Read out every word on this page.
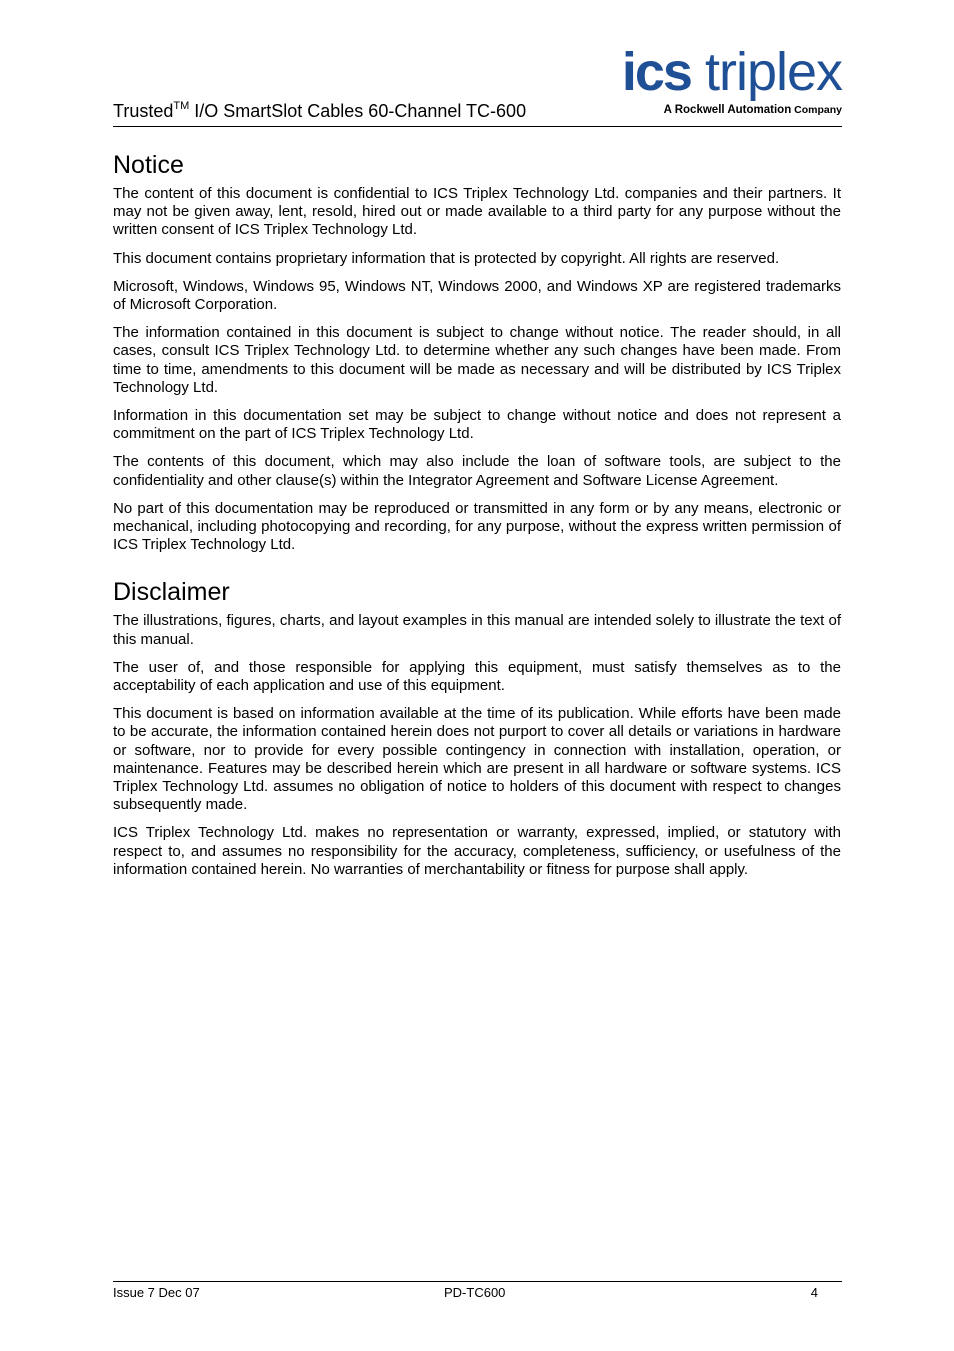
Trusted™ I/O SmartSlot Cables 60-Channel TC-600
ics triplex
A Rockwell Automation Company
Notice

The content of this document is confidential to ICS Triplex Technology Ltd. companies and their partners. It may not be given away, lent, resold, hired out or made available to a third party for any purpose without the written consent of ICS Triplex Technology Ltd.

This document contains proprietary information that is protected by copyright. All rights are reserved.

Microsoft, Windows, Windows 95, Windows NT, Windows 2000, and Windows XP are registered trademarks of Microsoft Corporation.

The information contained in this document is subject to change without notice. The reader should, in all cases, consult ICS Triplex Technology Ltd. to determine whether any such changes have been made. From time to time, amendments to this document will be made as necessary and will be distributed by ICS Triplex Technology Ltd.

Information in this documentation set may be subject to change without notice and does not represent a commitment on the part of ICS Triplex Technology Ltd.

The contents of this document, which may also include the loan of software tools, are subject to the confidentiality and other clause(s) within the Integrator Agreement and Software License Agreement.

No part of this documentation may be reproduced or transmitted in any form or by any means, electronic or mechanical, including photocopying and recording, for any purpose, without the express written permission of ICS Triplex Technology Ltd.

Disclaimer

The illustrations, figures, charts, and layout examples in this manual are intended solely to illustrate the text of this manual.

The user of, and those responsible for applying this equipment, must satisfy themselves as to the acceptability of each application and use of this equipment.

This document is based on information available at the time of its publication. While efforts have been made to be accurate, the information contained herein does not purport to cover all details or variations in hardware or software, nor to provide for every possible contingency in connection with installation, operation, or maintenance. Features may be described herein which are present in all hardware or software systems. ICS Triplex Technology Ltd. assumes no obligation of notice to holders of this document with respect to changes subsequently made.

ICS Triplex Technology Ltd. makes no representation or warranty, expressed, implied, or statutory with respect to, and assumes no responsibility for the accuracy, completeness, sufficiency, or usefulness of the information contained herein. No warranties of merchantability or fitness for purpose shall apply.

Issue 7 Dec 07	PD-TC600	4
